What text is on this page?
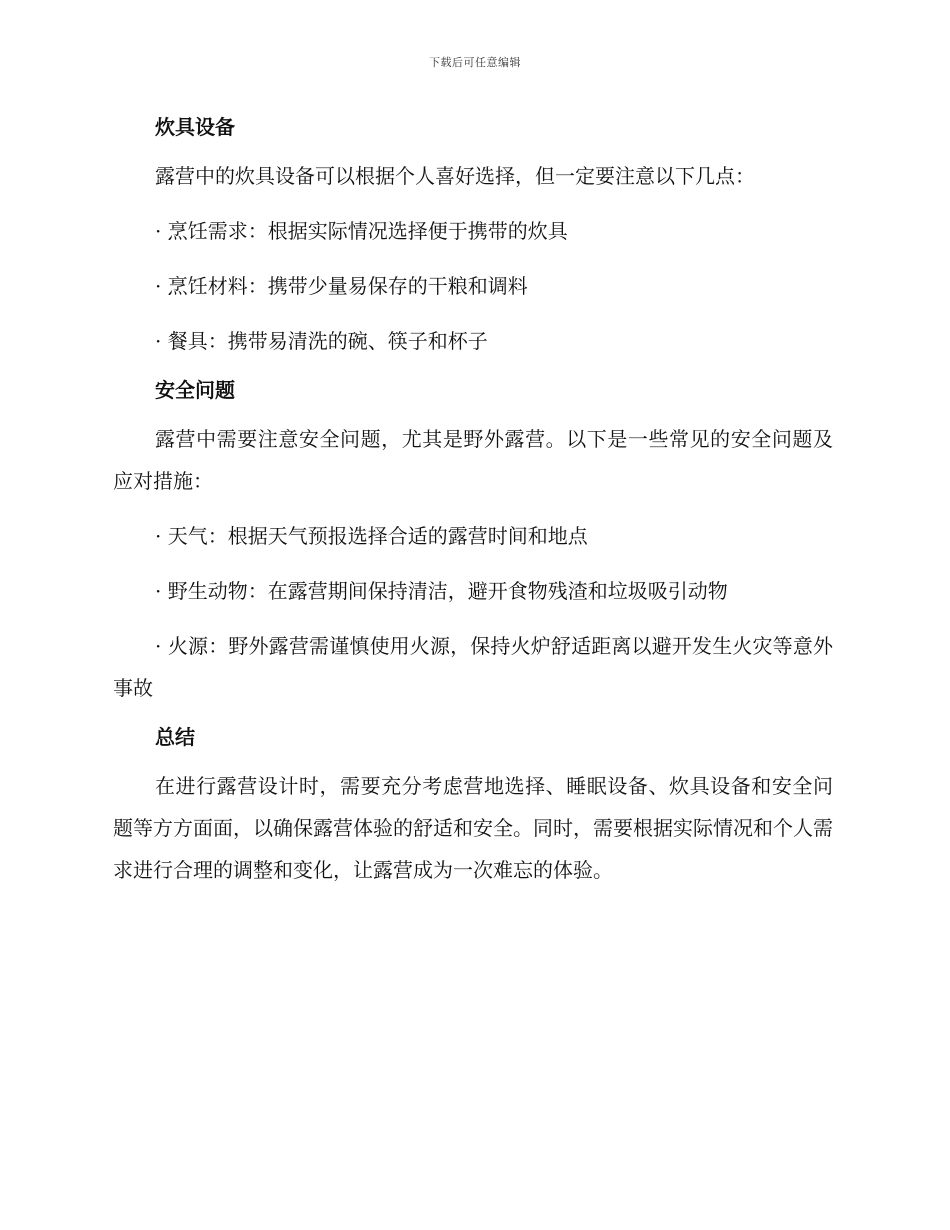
下载后可任意编辑
炊具设备

露营中的炊具设备可以根据个人喜好选择，但一定要注意以下几点：

· 烹饪需求：根据实际情况选择便于携带的炊具

· 烹饪材料：携带少量易保存的干粮和调料

· 餐具：携带易清洗的碗、筷子和杯子

安全问题

露营中需要注意安全问题，尤其是野外露营。以下是一些常见的安全问题及应对措施：

· 天气：根据天气预报选择合适的露营时间和地点

· 野生动物：在露营期间保持清洁，避开食物残渣和垃圾吸引动物

· 火源：野外露营需谨慎使用火源，保持火炉舒适距离以避开发生火灾等意外事故

总结

在进行露营设计时，需要充分考虑营地选择、睡眠设备、炊具设备和安全问题等方方面面，以确保露营体验的舒适和安全。同时，需要根据实际情况和个人需求进行合理的调整和变化，让露营成为一次难忘的体验。
